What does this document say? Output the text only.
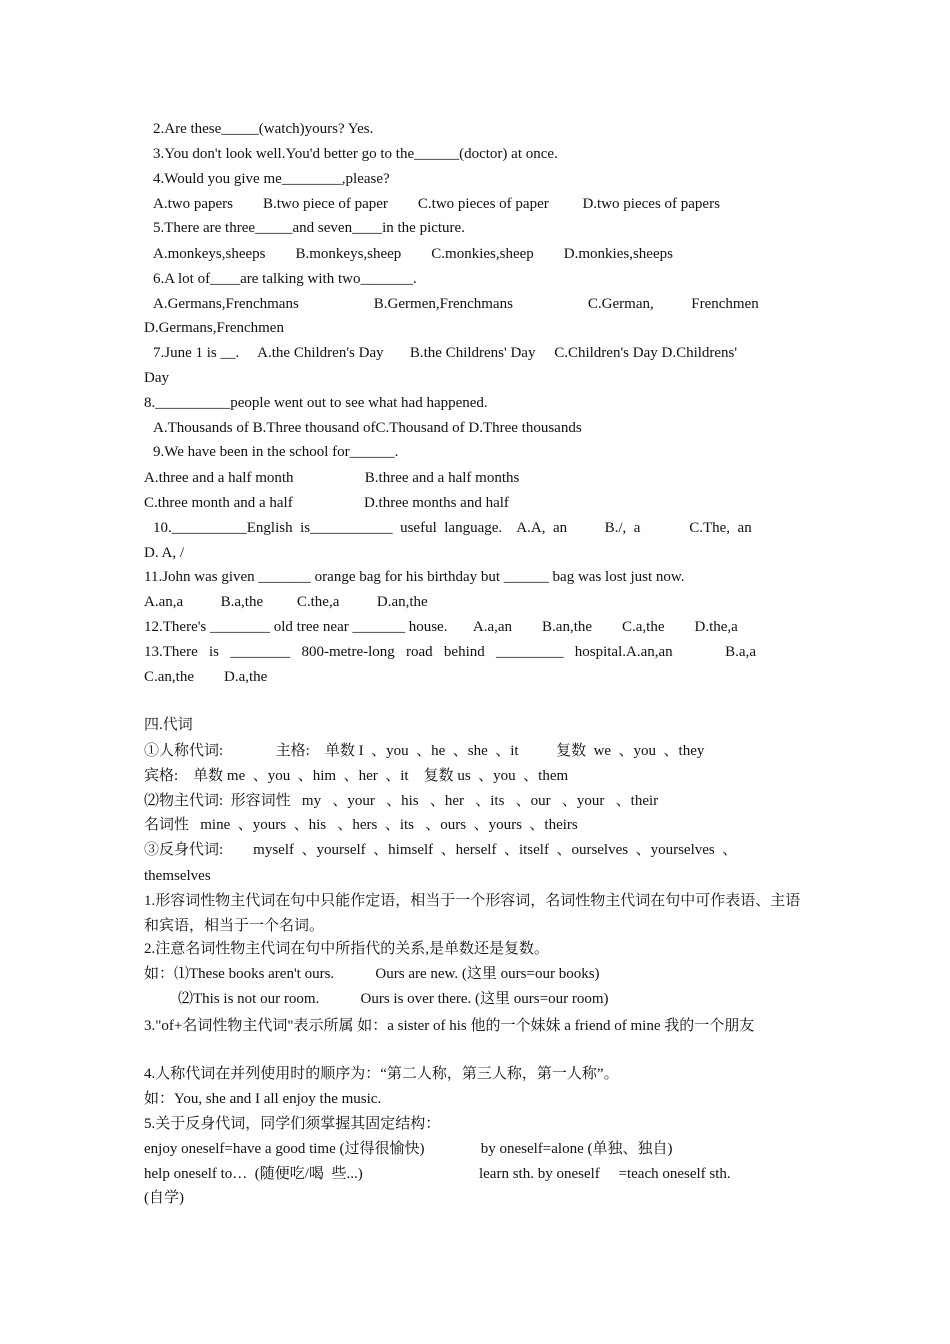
2.Are these_____(watch)yours? Yes.
3.You don't look well.You'd better go to the______(doctor) at once.
4.Would you give me________,please?
A.two papers        B.two piece of paper        C.two pieces of paper         D.two pieces of papers
5.There are three_____and seven____in the picture.
A.monkeys,sheeps        B.monkeys,sheep        C.monkies,sheep        D.monkies,sheeps
6.A lot of____are talking with two_______.
A.Germans,Frenchmans                    B.Germen,Frenchmans                    C.German,          Frenchmen
D.Germans,Frenchmen
7.June 1 is __.     A.the Children's Day       B.the Childrens' Day     C.Children's Day D.Childrens'
Day
8.__________people went out to see what had happened.
A.Thousands of B.Three thousand ofC.Thousand of D.Three thousands
9.We have been in the school for______.
A.three and a half month                   B.three and a half months
C.three month and a half                   D.three months and half
10.__________English  is___________  useful  language.    A.A,  an          B./,  a             C.The,  an
D. A, /
11.John was given _______ orange bag for his birthday but ______ bag was lost just now.
A.an,a          B.a,the         C.the,a          D.an,the
12.There's ________ old tree near _______ house.       A.a,an        B.an,the        C.a,the        D.the,a
13.There   is   ________   800-metre-long   road   behind   _________   hospital.A.an,an              B.a,a
C.an,the        D.a,the
四.代词
①人称代词:              主格:    单数 I  、you  、he  、she  、it          复数  we  、you  、they
宾格:    单数 me  、you  、him  、her  、it    复数 us  、you  、them
⑵物主代词:  形容词性   my   、your   、his   、her   、its   、our   、your   、their
名词性   mine  、yours  、his   、hers  、its   、ours  、yours  、theirs
③反身代词:        myself  、yourself  、himself  、herself  、itself  、ourselves  、yourselves  、
themselves
1.形容词性物主代词在句中只能作定语，相当于一个形容词，名词性物主代词在句中可作表语、主语和宾语，相当于一个名词。
2.注意名词性物主代词在句中所指代的关系,是单数还是复数。
如：⑴These books aren't ours.           Ours are new. (这里 ours=our books)
⑵This is not our room.           Ours is over there. (这里 ours=our room)
3."of+名词性物主代词"表示所属 如：a sister of his 他的一个妹妹 a friend of mine 我的一个朋友
4.人称代词在并列使用时的顺序为：“第二人称，第三人称，第一人称”。
如：You, she and I all enjoy the music.
5.关于反身代词，同学们须掌握其固定结构：
enjoy oneself=have a good time (过得很愉快)               by oneself=alone (单独、独自)
help oneself to…  (随便吃/喝  些...)                               learn sth. by oneself     =teach oneself sth.
(自学)
